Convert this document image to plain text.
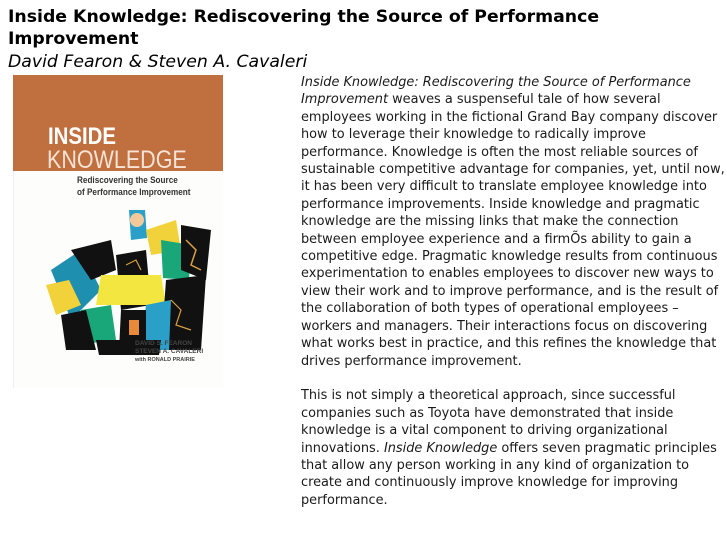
Inside Knowledge: Rediscovering the Source of Performance Improvement
David Fearon & Steven A. Cavaleri
INSIDE
KNOWLEDGE
Rediscovering the Source
of Performance Improvement
DAVID S. FEARON
STEVEN A. CAVALERI
with RONALD PRAIRIE

Inside Knowledge: Rediscovering the Source of Performance Improvement weaves a suspenseful tale of how several employees working in the fictional Grand Bay company discover how to leverage their knowledge to radically improve performance. Knowledge is often the most reliable sources of sustainable competitive advantage for companies, yet, until now, it has been very difficult to translate employee knowledge into performance improvements. Inside knowledge and pragmatic knowledge are the missing links that make the connection between employee experience and a firmÕs ability to gain a competitive edge. Pragmatic knowledge results from continuous experimentation to enables employees to discover new ways to view their work and to improve performance, and is the result of the collaboration of both types of operational employees – workers and managers. Their interactions focus on discovering what works best in practice, and this refines the knowledge that drives performance improvement.

This is not simply a theoretical approach, since successful companies such as Toyota have demonstrated that inside knowledge is a vital component to driving organizational innovations. Inside Knowledge offers seven pragmatic principles that allow any person working in any kind of organization to create and continuously improve knowledge for improving performance.
